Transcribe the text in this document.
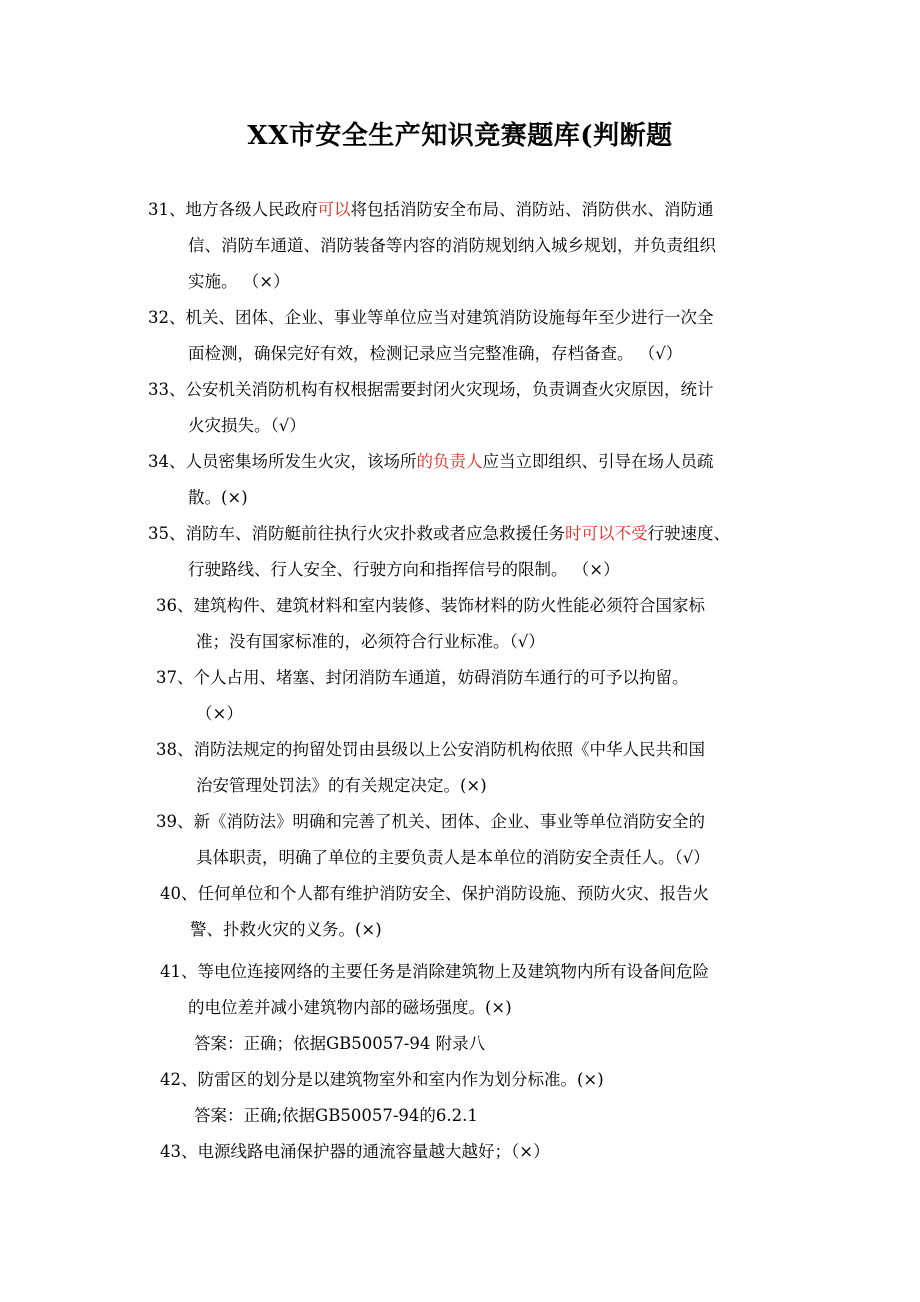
XX市安全生产知识竞赛题库(判断题
31、地方各级人民政府可以将包括消防安全布局、消防站、消防供水、消防通
信、消防车通道、消防装备等内容的消防规划纳入城乡规划，并负责组织
实施。 （×）
32、机关、团体、企业、事业等单位应当对建筑消防设施每年至少进行一次全
面检测，确保完好有效，检测记录应当完整准确，存档备查。 （√）
33、公安机关消防机构有权根据需要封闭火灾现场，负责调查火灾原因，统计
火灾损失。（√）
34、人员密集场所发生火灾，该场所的负责人应当立即组织、引导在场人员疏
散。(×)
35、消防车、消防艇前往执行火灾扑救或者应急救援任务时可以不受行驶速度、
行驶路线、行人安全、行驶方向和指挥信号的限制。 （×）
36、建筑构件、建筑材料和室内装修、装饰材料的防火性能必须符合国家标
准；没有国家标准的，必须符合行业标准。（√）
37、个人占用、堵塞、封闭消防车通道，妨碍消防车通行的可予以拘留。
（×）
38、消防法规定的拘留处罚由县级以上公安消防机构依照《中华人民共和国
治安管理处罚法》的有关规定决定。(×)
39、新《消防法》明确和完善了机关、团体、企业、事业等单位消防安全的
具体职责，明确了单位的主要负责人是本单位的消防安全责任人。（√）
40、任何单位和个人都有维护消防安全、保护消防设施、预防火灾、报告火
警、扑救火灾的义务。(×)
41、等电位连接网络的主要任务是消除建筑物上及建筑物内所有设备间危险
的电位差并减小建筑物内部的磁场强度。(×)
答案：正确；依据GB50057-94 附录八
42、防雷区的划分是以建筑物室外和室内作为划分标准。(×)
答案：正确;依据GB50057-94的6.2.1
43、电源线路电涌保护器的通流容量越大越好；（×）
